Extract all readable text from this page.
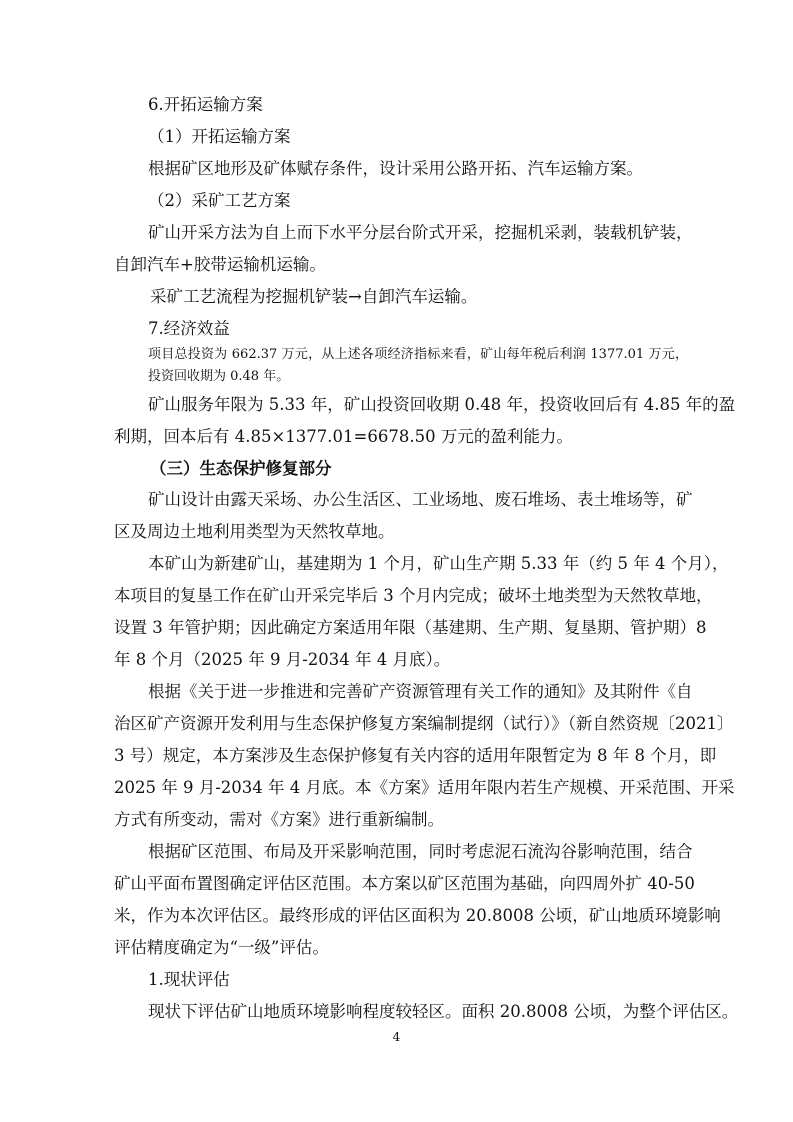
6.开拓运输方案
（1）开拓运输方案
根据矿区地形及矿体赋存条件，设计采用公路开拓、汽车运输方案。
（2）采矿工艺方案
矿山开采方法为自上而下水平分层台阶式开采，挖掘机采剥，装载机铲装，
自卸汽车+胶带运输机运输。
采矿工艺流程为挖掘机铲装→自卸汽车运输。
7.经济效益
项目总投资为 662.37 万元，从上述各项经济指标来看，矿山每年税后利润 1377.01 万元，
投资回收期为 0.48 年。
矿山服务年限为 5.33 年，矿山投资回收期 0.48 年，投资收回后有 4.85 年的盈
利期，回本后有 4.85×1377.01=6678.50 万元的盈利能力。
（三）生态保护修复部分
矿山设计由露天采场、办公生活区、工业场地、废石堆场、表土堆场等，矿
区及周边土地利用类型为天然牧草地。
本矿山为新建矿山，基建期为 1 个月，矿山生产期 5.33 年（约 5 年 4 个月），
本项目的复垦工作在矿山开采完毕后 3 个月内完成；破坏土地类型为天然牧草地，
设置 3 年管护期；因此确定方案适用年限（基建期、生产期、复垦期、管护期）8
年 8 个月（2025 年 9 月-2034 年 4 月底）。
根据《关于进一步推进和完善矿产资源管理有关工作的通知》及其附件《自
治区矿产资源开发利用与生态保护修复方案编制提纲（试行）》（新自然资规〔2021〕
3 号）规定，本方案涉及生态保护修复有关内容的适用年限暂定为 8 年 8 个月，即
2025 年 9 月-2034 年 4 月底。本《方案》适用年限内若生产规模、开采范围、开采
方式有所变动，需对《方案》进行重新编制。
根据矿区范围、布局及开采影响范围，同时考虑泥石流沟谷影响范围，结合
矿山平面布置图确定评估区范围。本方案以矿区范围为基础，向四周外扩 40-50
米，作为本次评估区。最终形成的评估区面积为 20.8008 公顷，矿山地质环境影响
评估精度确定为“一级”评估。
1.现状评估
现状下评估矿山地质环境影响程度较轻区。面积 20.8008 公顷，为整个评估区。
4
